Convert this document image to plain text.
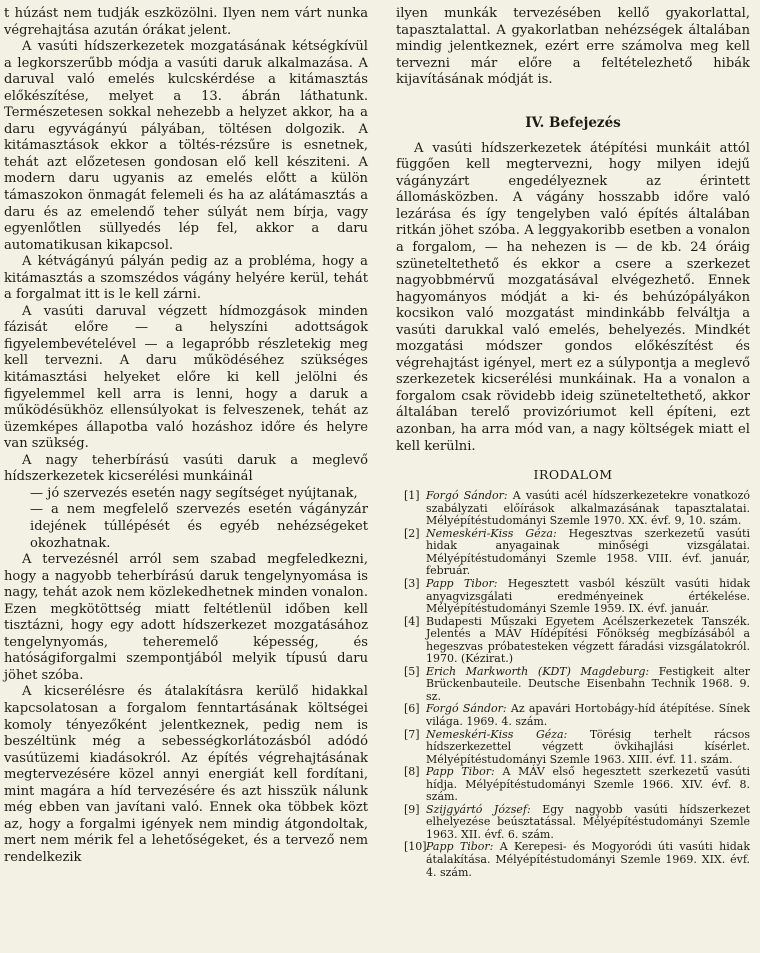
t húzást nem tudják eszközölni. Ilyen nem várt nunka végrehajtása azután órákat jelent.

A vasúti hídszerkezetek mozgatásának kétségkívül a legkorszerűbb módja a vasúti daruk alkalmazása. A daruval való emelés kulcskérdése a kitámasztás előkészítése, melyet a 13. ábrán láthatunk. Természetesen sokkal nehezebb a helyzet akkor, ha a daru egyvágányú pályában, töltésen dolgozik. A kitámasztások ekkor a töltés-rézsűre is esnetnek, tehát azt előzetesen gondosan elő kell késziteni. A modern daru ugyanis az emelés előtt a külön támaszokon önmagát felemeli és ha az alátámasztás a daru és az emelendő teher súlyát nem bírja, vagy egyenlőtlen süllyedés lép fel, akkor a daru automatikusan kikapcsol.

A kétvágányú pályán pedig az a probléma, hogy a kitámasztás a szomszédos vágány helyére kerül, tehát a forgalmat itt is le kell zárni.

A vasúti daruval végzett hídmozgások minden fázisát előre — a helyszíni adottságok figyelembevételével — a legapróbb részletekig meg kell tervezni. A daru működéséhez szükséges kitámasztási helyeket előre ki kell jelölni és figyelemmel kell arra is lenni, hogy a daruk a működésükhöz ellensúlyokat is felveszenek, tehát az üzemképes állapotba való hozáshoz időre és helyre van szükség.

A nagy teherbírású vasúti daruk a meglevő hídszerkezetek kicserélési munkáinál

— jó szervezés esetén nagy segítséget nyújtanak,

— a nem megfelelő szervezés esetén vágányzár idejének túllépését és egyéb nehézségeket okozhatnak.

A tervezésnél arról sem szabad megfeledkezni, hogy a nagyobb teherbírású daruk tengelynyomása is nagy, tehát azok nem közlekedhetnek minden vonalon. Ezen megkötöttség miatt feltétlenül időben kell tisztázni, hogy egy adott hídszerkezet mozgatásához tengelynyomás, teheremelő képesség, és hatóságiforgalmi szempontjából melyik típusú daru jöhet szóba.

A kicserélésre és átalakításra kerülő hidakkal kapcsolatosan a forgalom fenntartásának költségei komoly tényezőként jelentkeznek, pedig nem is beszéltünk még a sebességkorlátozásból adódó vasútüzemi kiadásokról. Az építés végrehajtásának megtervezésére közel annyi energiát kell fordítani, mint magára a híd tervezésére és azt hisszük nálunk még ebben van javítani való. Ennek oka többek közt az, hogy a forgalmi igények nem mindig átgondoltak, mert nem mérik fel a lehetőségeket, és a tervező nem rendelkezik

ilyen munkák tervezésében kellő gyakorlattal, tapasztalattal. A gyakorlatban nehézségek általában mindig jelentkeznek, ezért erre számolva meg kell tervezni már előre a feltételezhető hibák kijavításának módját is.

IV. Befejezés

A vasúti hídszerkezetek átépítési munkáit attól függően kell megtervezni, hogy milyen idejű vágányzárt engedélyeznek az érintett állomásközben. A vágány hosszabb időre való lezárása és így tengelyben való építés általában ritkán jöhet szóba. A leggyakoribb esetben a vonalon a forgalom, — ha nehezen is — de kb. 24 óráig szüneteltethető és ekkor a csere a szerkezet nagyobbmérvű mozgatásával elvégezhető. Ennek hagyományos módját a ki- és behúzópályákon kocsikon való mozgatást mindinkább felváltja a vasúti darukkal való emelés, behelyezés. Mindkét mozgatási módszer gondos előkészítést és végrehajtást igényel, mert ez a súlypontja a meglevő szerkezetek kicserélési munkáinak. Ha a vonalon a forgalom csak rövidebb ideig szüneteltethető, akkor általában terelő provizóriumot kell építeni, ezt azonban, ha arra mód van, a nagy költségek miatt el kell kerülni.

IRODALOM
[1] Forgó Sándor: A vasúti acél hídszerkezetekre vonatkozó szabályzati előírások alkalmazásának tapasztalatai. Mélyépítéstudományi Szemle 1970. XX. évf. 9, 10. szám.
[2] Nemeskéri-Kiss Géza: Hegesztvas szerkezetű vasúti hidak anyagainak minőségi vizsgálatai. Mélyépítéstudományi Szemle 1958. VIII. évf. január, február.
[3] Papp Tibor: Hegesztett vasból készült vasúti hidak anyagvizsgálati eredményeinek értékelése. Mélyépítéstudományi Szemle 1959. IX. évf. január.
[4] Budapesti Műszaki Egyetem Acélszerkezetek Tanszék. Jelentés a MÁV Hídépítési Főnökség megbízásából a hegeszvas próbatesteken végzett fáradási vizsgálatokról. 1970. (Kézirat.)
[5] Erich Markworth (KDT) Magdeburg: Festigkeit alter Brückenbauteile. Deutsche Eisenbahn Technik 1968. 9. sz.
[6] Forgó Sándor: Az apavári Hortobágy-híd átépítése. Sínek világa. 1969. 4. szám.
[7] Nemeskéri-Kiss Géza: Törésig terhelt rácsos hídszerkezettel végzett övkihajlási kísérlet. Mélyépítéstudományi Szemle 1963. XIII. évf. 11. szám.
[8] Papp Tibor: A MÁV első hegesztett szerkezetű vasúti hídja. Mélyépítéstudományi Szemle 1966. XIV. évf. 8. szám.
[9] Szijgyártó József: Egy nagyobb vasúti hídszerkezet elhelyezése beúsztatással. Mélyépítéstudományi Szemle 1963. XII. évf. 6. szám.
[10] Papp Tibor: A Kerepesi- és Mogyoródi úti vasúti hidak átalakítása. Mélyépítéstudományi Szemle 1969. XIX. évf. 4. szám.
